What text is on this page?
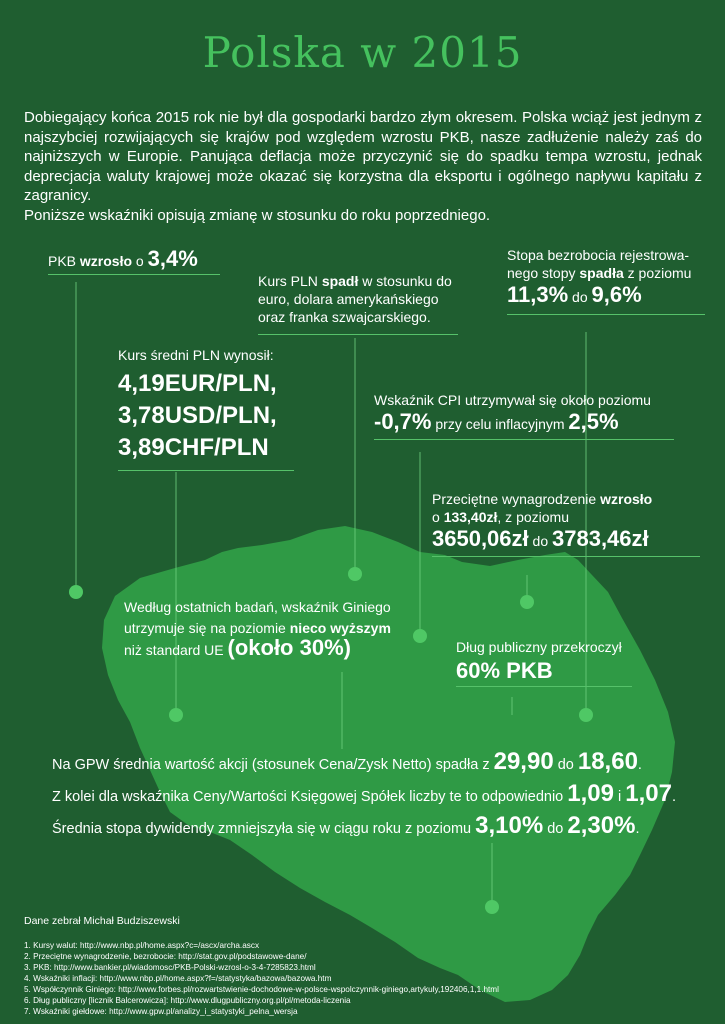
Polska w 2015

Dobiegający końca 2015 rok nie był dla gospodarki bardzo złym okresem. Polska wciąż jest jednym z najszybciej rozwijających się krajów pod względem wzrostu PKB, nasze zadłużenie należy zaś do najniższych w Europie. Panująca deflacja może przyczynić się do spadku tempa wzrostu, jednak deprecjacja waluty krajowej może okazać się korzystna dla eksportu i ogólnego napływu kapitału z zagranicy.

Poniższe wskaźniki opisują zmianę w stosunku do roku poprzedniego.

PKB wzrosło o 3,4%
Kurs PLN spadł w stosunku do euro, dolara amerykańskiego oraz franka szwajcarskiego.
Stopa bezrobocia rejestrowa-
nego stopy spadła z poziomu
11,3% do 9,6%
Kurs średni PLN wynosił:
4,19EUR/PLN,
3,78USD/PLN,
3,89CHF/PLN
Wskaźnik CPI utrzymywał się około poziomu
-0,7% przy celu inflacyjnym 2,5%
Przeciętne wynagrodzenie wzrosło
o 133,40zł, z poziomu
3650,06zł do 3783,46zł
Według ostatnich badań, wskaźnik Giniego
utrzymuje się na poziomie nieco wyższym
niż standard UE (około 30%)	Dług publiczny przekroczył
60% PKB
Na GPW średnia wartość akcji (stosunek Cena/Zysk Netto) spadła z 29,90 do 18,60.
Z kolei dla wskaźnika Ceny/Wartości Księgowej Spółek liczby te to odpowiednio 1,09 i 1,07.
Średnia stopa dywidendy zmniejszyła się w ciągu roku z poziomu 3,10% do 2,30%.
Dane zebrał Michał Budziszewski
1. Kursy walut: http://www.nbp.pl/home.aspx?c=/ascx/archa.ascx
2. Przeciętne wynagrodzenie, bezrobocie: http://stat.gov.pl/podstawowe-dane/
3. PKB: http://www.bankier.pl/wiadomosc/PKB-Polski-wzrosl-o-3-4-7285823.html
4. Wskaźniki inflacji: http://www.nbp.pl/home.aspx?f=/statystyka/bazowa/bazowa.htm
5. Współczynnik Giniego: http://www.forbes.pl/rozwartstwienie-dochodowe-w-polsce-wspolczynnik-giniego,artykuly,192406,1,1.html
6. Dług publiczny [licznik Balcerowicza]: http://www.dlugpubliczny.org.pl/pl/metoda-liczenia
7. Wskaźniki giełdowe: http://www.gpw.pl/analizy_i_statystyki_pelna_wersja
